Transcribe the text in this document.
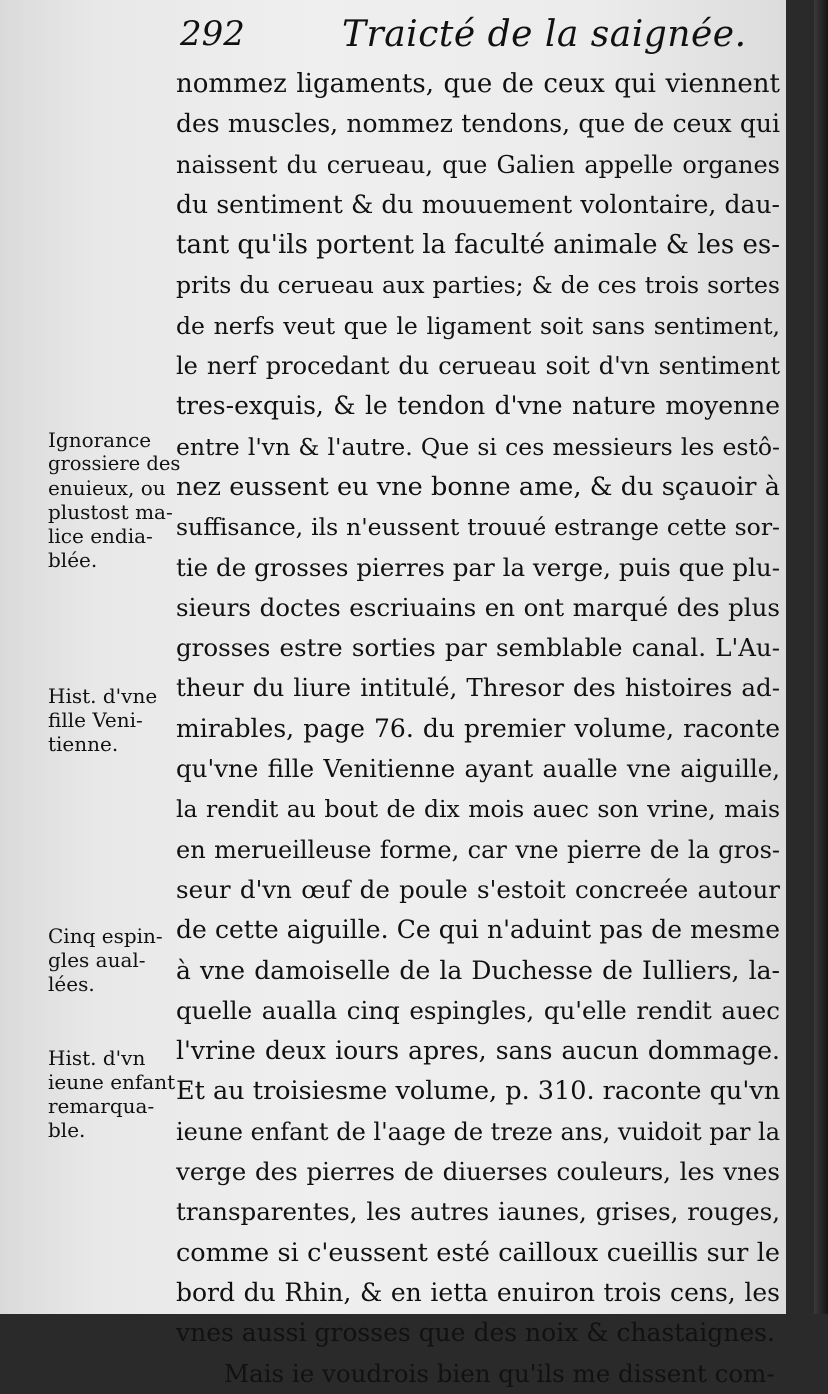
292	Traicté de la saignée.
nommez ligaments, que de ceux qui viennent
des muscles, nommez tendons, que de ceux qui
naissent du cerueau, que Galien appelle organes
du sentiment & du mouuement volontaire, dau-
tant qu'ils portent la faculté animale & les es-
prits du cerueau aux parties; & de ces trois sortes
de nerfs veut que le ligament soit sans sentiment,
le nerf procedant du cerueau soit d'vn sentiment
tres-exquis, & le tendon d'vne nature moyenne
entre l'vn & l'autre. Que si ces messieurs les estô-
nez eussent eu vne bonne ame, & du sçauoir à
suffisance, ils n'eussent trouué estrange cette sor-
tie de grosses pierres par la verge, puis que plu-
sieurs doctes escriuains en ont marqué des plus
grosses estre sorties par semblable canal. L'Au-
theur du liure intitulé, Thresor des histoires ad-
mirables, page 76. du premier volume, raconte
qu'vne fille Venitienne ayant aualle vne aiguille,
la rendit au bout de dix mois auec son vrine, mais
en merueilleuse forme, car vne pierre de la gros-
seur d'vn œuf de poule s'estoit concreée autour
de cette aiguille. Ce qui n'aduint pas de mesme
à vne damoiselle de la Duchesse de Iulliers, la-
quelle aualla cinq espingles, qu'elle rendit auec
l'vrine deux iours apres, sans aucun dommage.
Et au troisiesme volume, p. 310. raconte qu'vn
ieune enfant de l'aage de treze ans, vuidoit par la
verge des pierres de diuerses couleurs, les vnes
transparentes, les autres iaunes, grises, rouges,
comme si c'eussent esté cailloux cueillis sur le
bord du Rhin, & en ietta enuiron trois cens, les
vnes aussi grosses que des noix & chastaignes.
Mais ie voudrois bien qu'ils me dissent com-
Ignorance
grossiere des
enuieux, ou
plustost ma-
lice endia-
blée.
Hist. d'vne
fille Veni-
tienne.
Cinq espin-
gles aual-
lées.
Hist. d'vn
ieune enfant
remarqua-
ble.
